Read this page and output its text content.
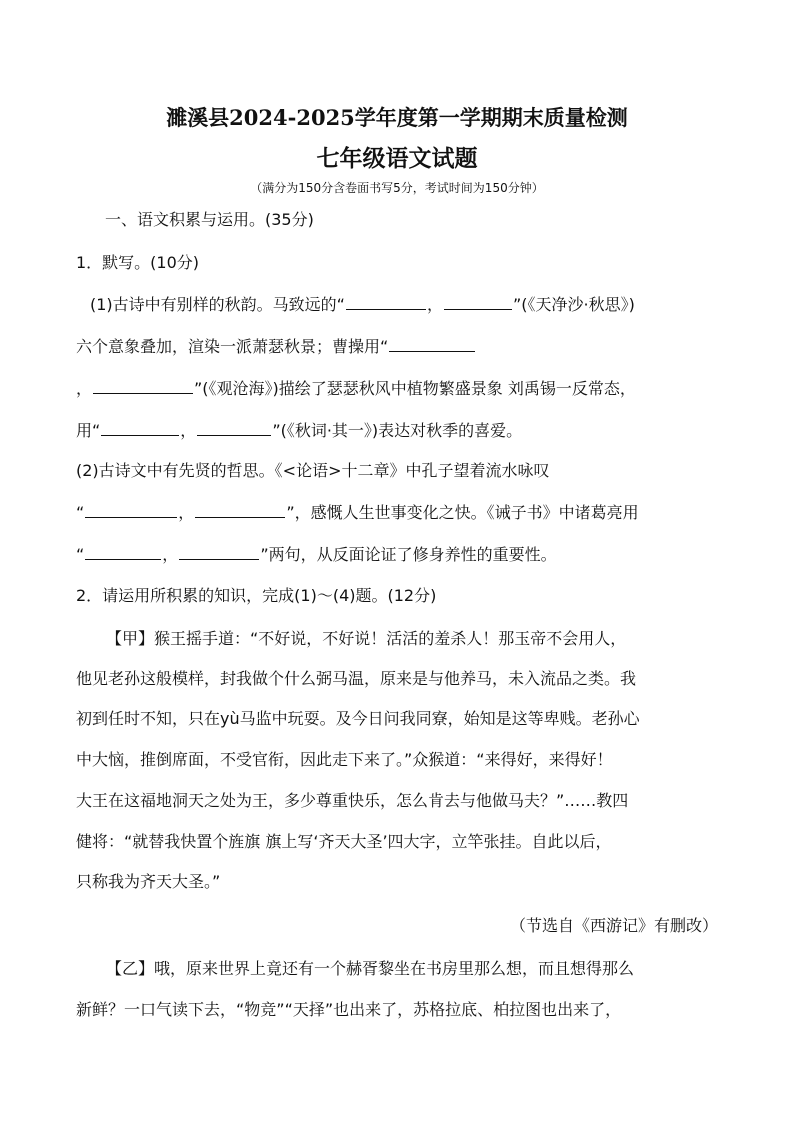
濉溪县2024-2025学年度第一学期期末质量检测
七年级语文试题
（满分为150分含卷面书写5分，考试时间为150分钟）
一、语文积累与运用。(35分)
1．默写。(10分)
(1)古诗中有别样的秋韵。马致远的“	，	”(《天净沙·秋思》)
六个意象叠加，渲染一派萧瑟秋景；曹操用“
，	”(《观沧海》)描绘了瑟瑟秋风中植物繁盛景象 刘禹锡一反常态，
用“	，	”(《秋词·其一》)表达对秋季的喜爱。
(2)古诗文中有先贤的哲思。《<论语>十二章》中孔子望着流水咏叹
“	，	”，感慨人生世事变化之快。《诫子书》中诸葛亮用
“	，	”两句，从反面论证了修身养性的重要性。
2．请运用所积累的知识，完成(1)～(4)题。(12分)
【甲】猴王摇手道：“不好说，不好说！活活的羞杀人！那玉帝不会用人，
他见老孙这般模样，封我做个什么弼马温，原来是与他养马，未入流品之类。我
初到任时不知，只在yù马监中玩耍。及今日问我同寮，始知是这等卑贱。老孙心
中大恼，推倒席面，不受官衔，因此走下来了。”众猴道：“来得好，来得好！
大王在这福地洞天之处为王，多少尊重快乐，怎么肯去与他做马夫？”……教四
健将：“就替我快置个旌旗 旗上写‘齐天大圣’四大字，立竿张挂。自此以后，
只称我为齐天大圣。”
（节选自《西游记》有删改）
【乙】哦，原来世界上竟还有一个赫胥黎坐在书房里那么想，而且想得那么
新鲜？一口气读下去，“物竞”“天择”也出来了，苏格拉底、柏拉图也出来了，
